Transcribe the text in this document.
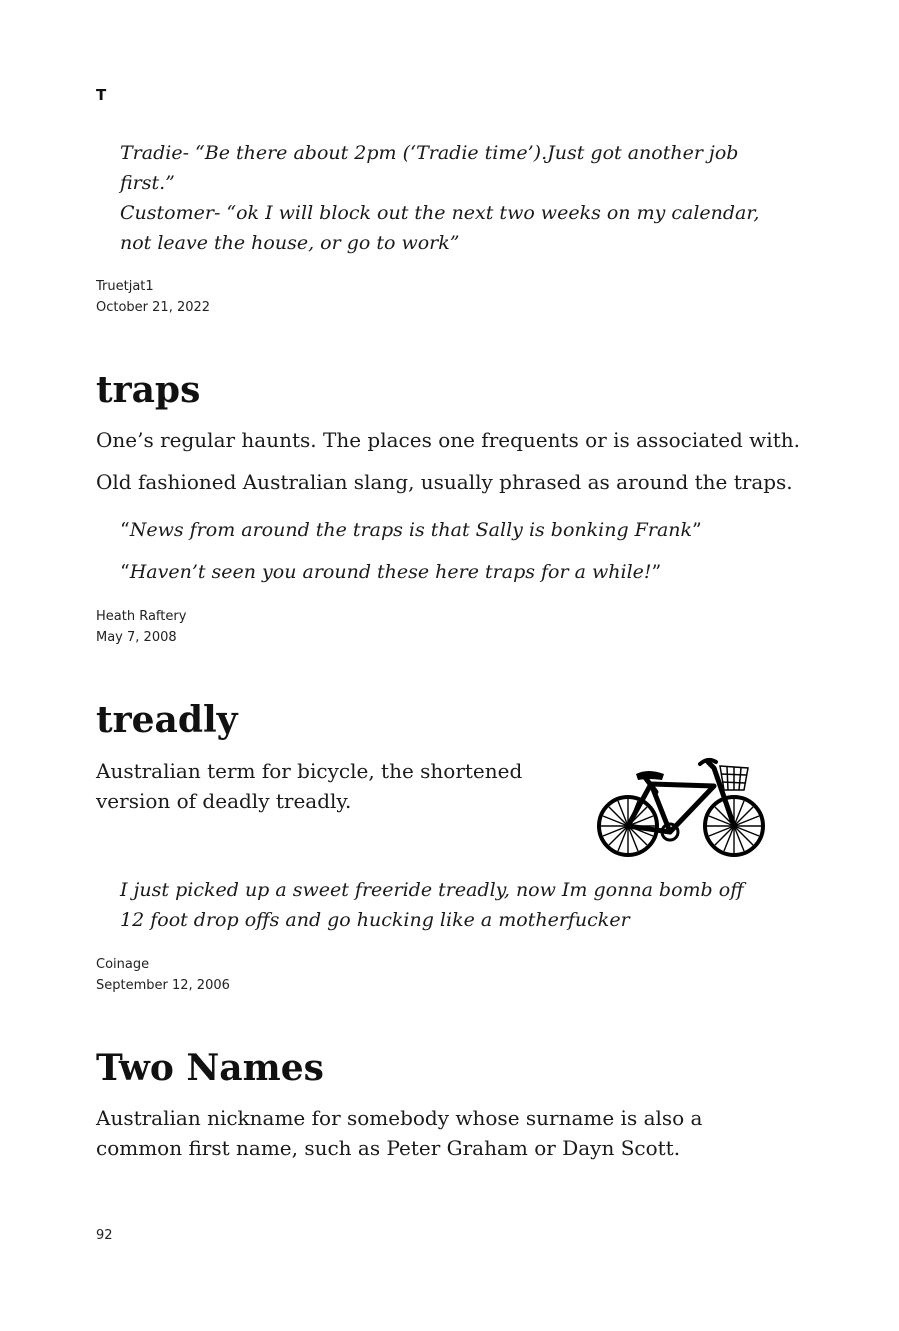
T

Tradie- “Be there about 2pm (‘Tradie time’).Just got another job first.”

Customer- “ok I will block out the next two weeks on my calendar, not leave the house, or go to work”

Truetjat1
October 21, 2022
traps

One’s regular haunts. The places one frequents or is associated with.

Old fashioned Australian slang, usually phrased as around the traps.

“News from around the traps is that Sally is bonking Frank”

“Haven’t seen you around these here traps for a while!”

Heath Raftery
May 7, 2008
treadly

Australian term for bicycle, the shortened version of deadly treadly.

I just picked up a sweet freeride treadly, now Im gonna bomb off 12 foot drop offs and go hucking like a motherfucker

Coinage
September 12, 2006
Two Names

Australian nickname for somebody whose surname is also a common first name, such as Peter Graham or Dayn Scott.

92
